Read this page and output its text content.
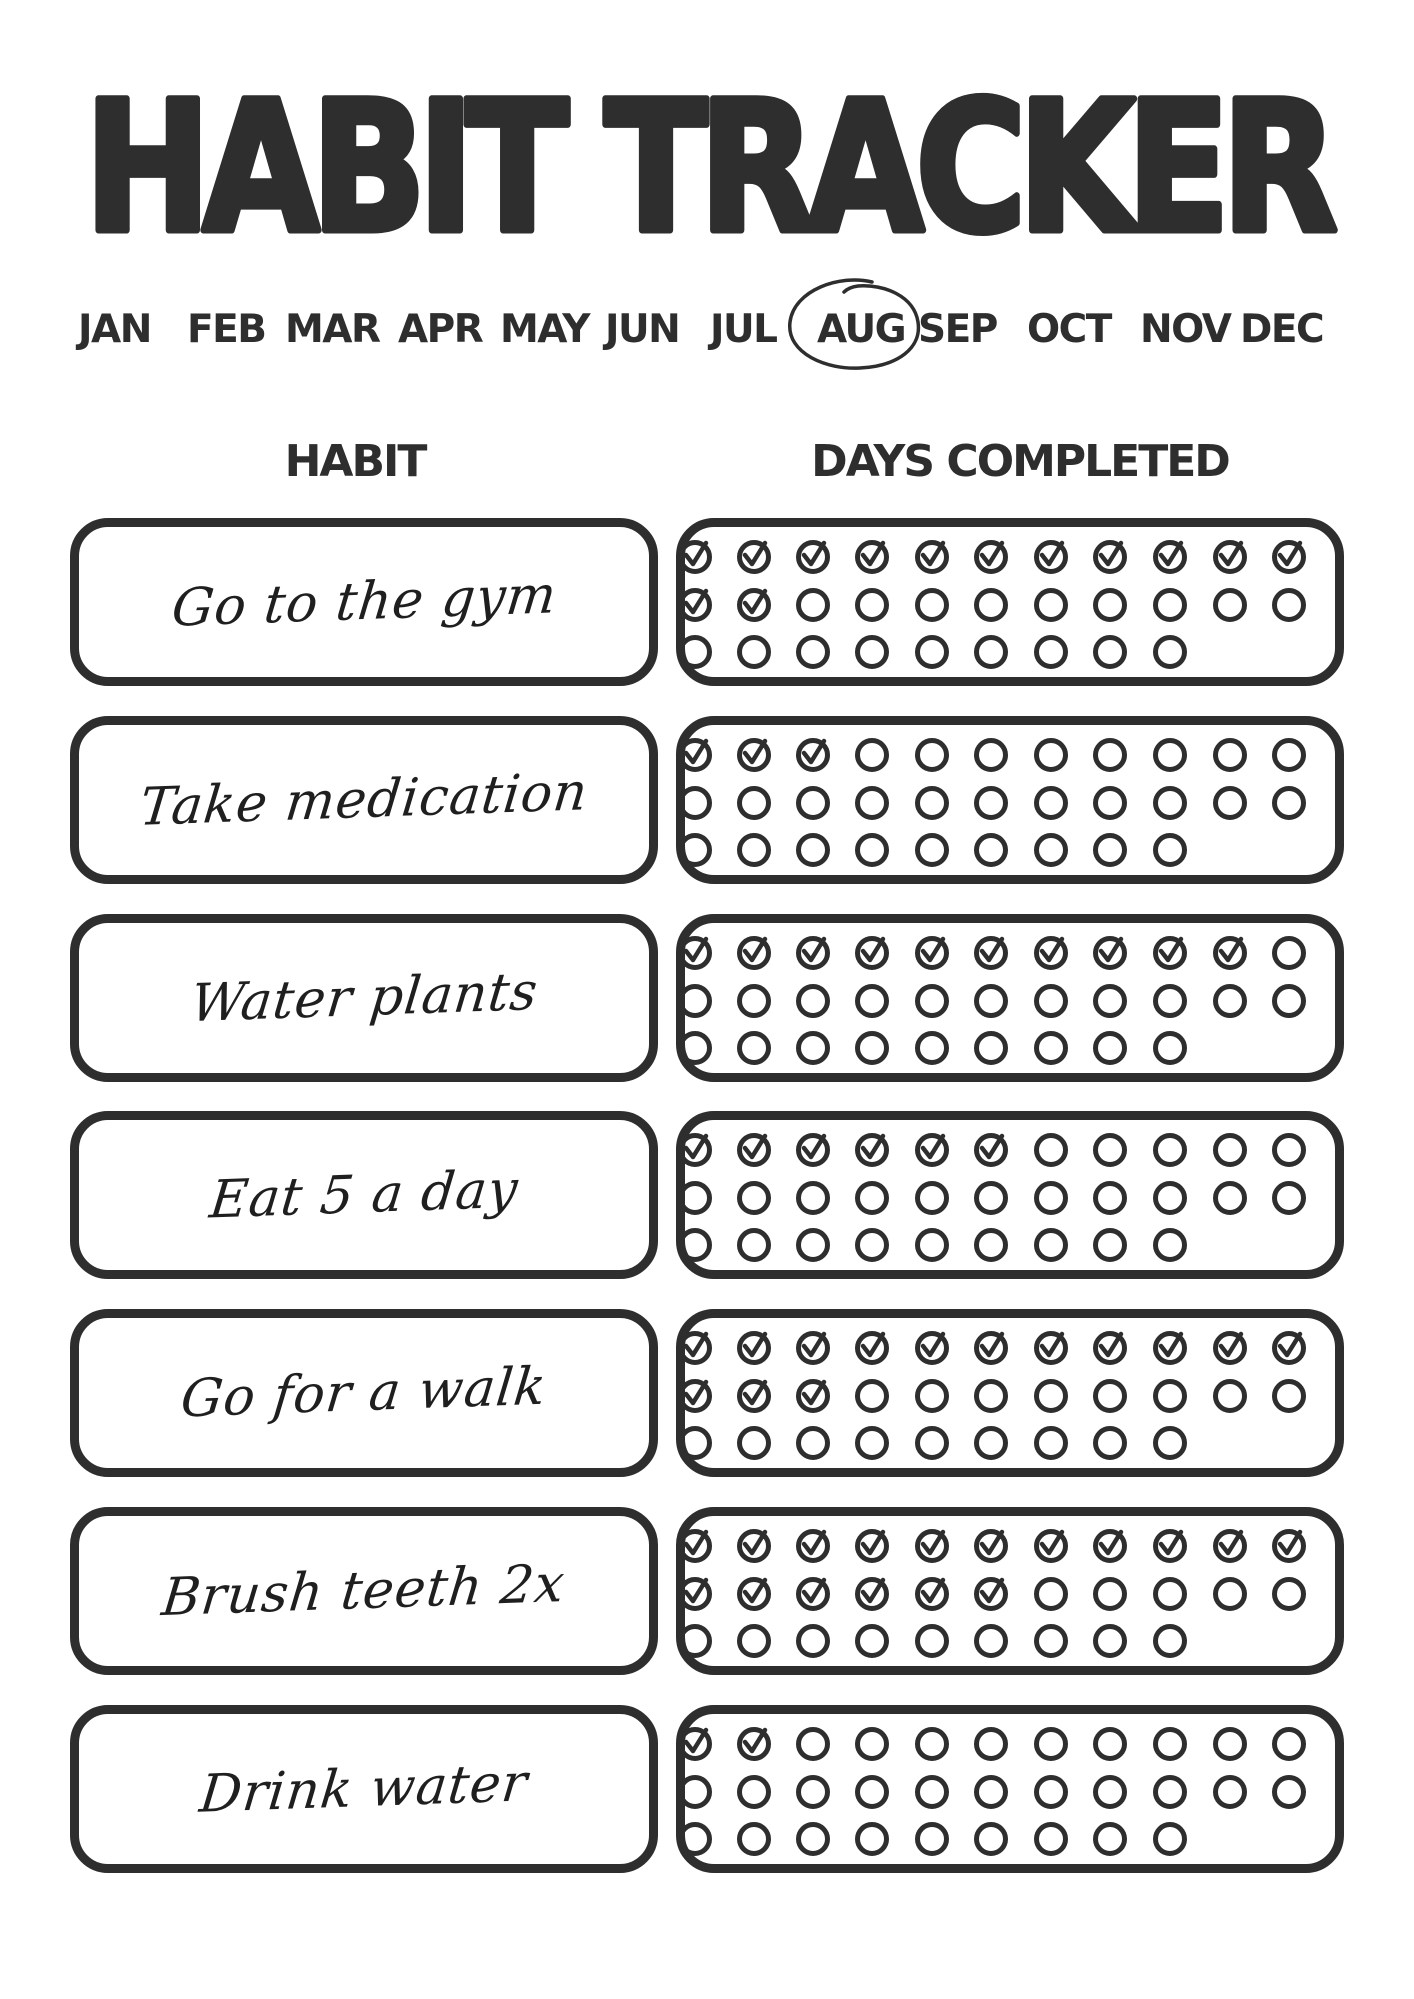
HABIT TRACKER
JAN FEB MAR APR MAY JUN JUL AUG SEP OCT NOV DEC
HABIT	DAYS COMPLETED
Go to the gym
Take medication
Water plants
Eat 5 a day
Go for a walk
Brush teeth 2x
Drink water
